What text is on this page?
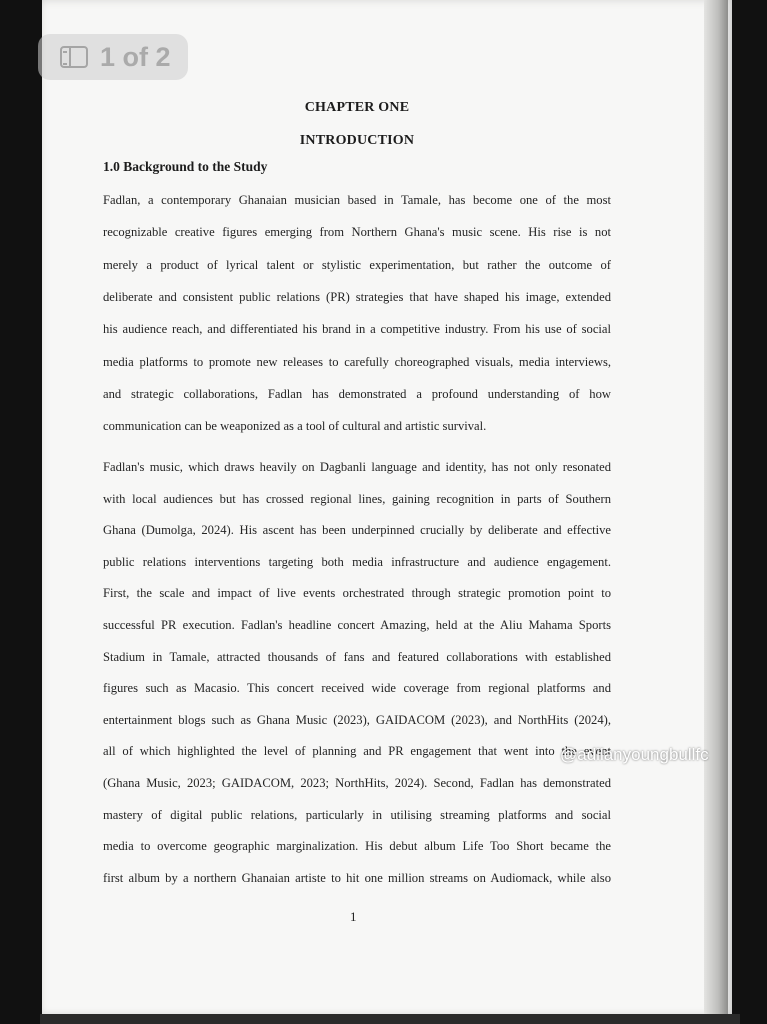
CHAPTER ONE
INTRODUCTION
1.0 Background to the Study
Fadlan, a contemporary Ghanaian musician based in Tamale, has become one of the most
recognizable creative figures emerging from Northern Ghana's music scene. His rise is not
merely a product of lyrical talent or stylistic experimentation, but rather the outcome of
deliberate and consistent public relations (PR) strategies that have shaped his image, extended
his audience reach, and differentiated his brand in a competitive industry. From his use of social
media platforms to promote new releases to carefully choreographed visuals, media interviews,
and strategic collaborations, Fadlan has demonstrated a profound understanding of how
communication can be weaponized as a tool of cultural and artistic survival.
Fadlan's music, which draws heavily on Dagbanli language and identity, has not only resonated
with local audiences but has crossed regional lines, gaining recognition in parts of Southern
Ghana (Dumolga, 2024). His ascent has been underpinned crucially by deliberate and effective
public relations interventions targeting both media infrastructure and audience engagement.
First, the scale and impact of live events orchestrated through strategic promotion point to
successful PR execution. Fadlan's headline concert Amazing, held at the Aliu Mahama Sports
Stadium in Tamale, attracted thousands of fans and featured collaborations with established
figures such as Macasio. This concert received wide coverage from regional platforms and
entertainment blogs such as Ghana Music (2023), GAIDACOM (2023), and NorthHits (2024),
all of which highlighted the level of planning and PR engagement that went into the event
(Ghana Music, 2023; GAIDACOM, 2023; NorthHits, 2024). Second, Fadlan has demonstrated
mastery of digital public relations, particularly in utilising streaming platforms and social
media to overcome geographic marginalization. His debut album Life Too Short became the
first album by a northern Ghanaian artiste to hit one million streams on Audiomack, while also
1
1 of 2
@adilanyoungbullfc
